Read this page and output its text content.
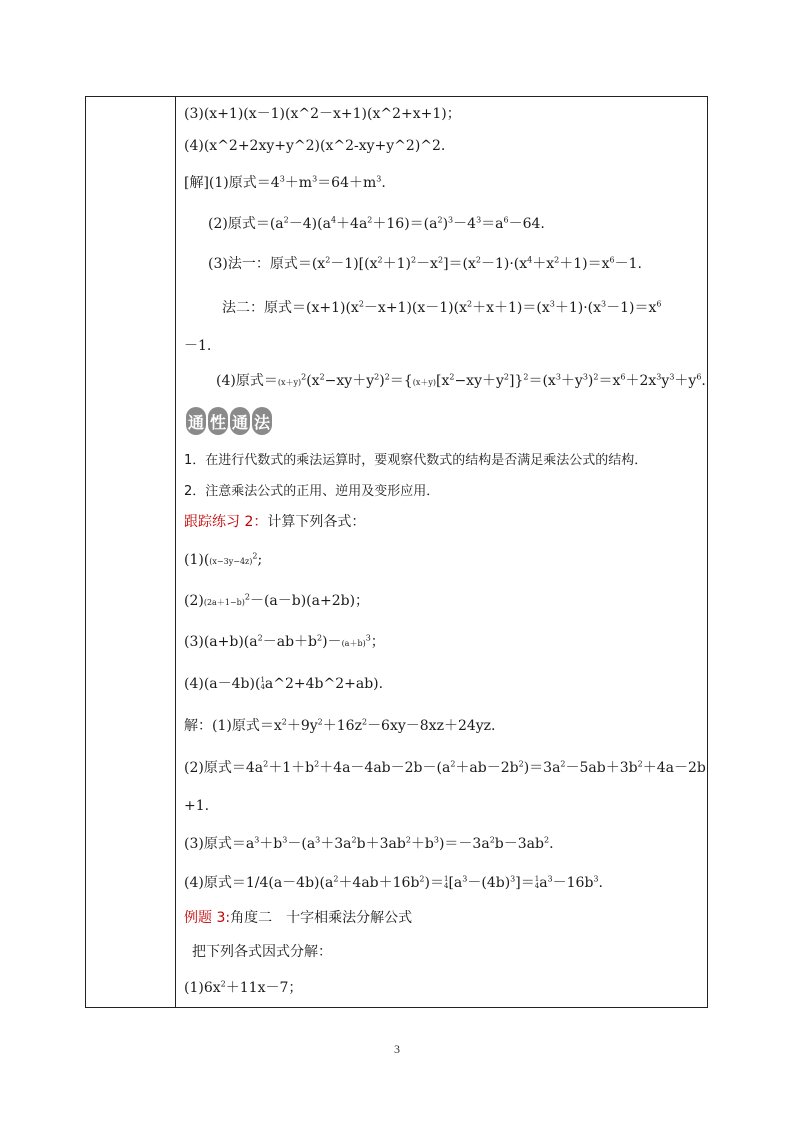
(3)(x+1)(x－1)(x^2－x+1)(x^2+x+1)；
(4)(x^2+2xy+y^2)(x^2-xy+y^2)^2.
[解](1)原式$=4^3+m^3=64+m^3$.
(2)原式$=(a^2-4)(a^4+4a^2+16)=(a^2)^3-4^3=a^6-64$.
(3)法一：原式$=(x^2-1)[(x^2+1)^2-x^2]=(x^2-1)\cdot(x^4+x^2+1)=x^6-1$.
法二：原式$=(x+1)(x^2-x+1)(x-1)(x^2+x+1)=(x^3+1)\cdot(x^3-1)=x^6$
－1.
(4)原式$=(x+y)^2(x^2-xy+y^2)^2=\{(x+y)[x^2-xy+y^2]\}^2=(x^3+y^3)^2=x^6+2x^3y^3+y^6$.
通 性 通 法
1．在进行代数式的乘法运算时，要观察代数式的结构是否满足乘法公式的结构．
2．注意乘法公式的正用、逆用及变形应用．
跟踪练习 2：计算下列各式：
$(1)((x-3y-4z)^2$;
$(2)(2a+1-b)^2-(a-b)(a+2b)$；
$(3)(a+b)(a^2-ab+b^2)-(a+b)^3$；
(4)(a－4b)( 1
4 a^2+4b^2+ab).
解：(1)原式$=x^2+9y^2+16z^2-6xy-8xz+24yz$.
(2)原式$=4a^2+1+b^2+4a-4ab-2b-(a^2+ab-2b^2)=3a^2-5ab+3b^2+4a-2b$
+1.
(3)原式$=a^3+b^3-(a^3+3a^2b+3ab^2+b^3)=-3a^2b-3ab^2$.
(4)原式$=1/4(a-4b)(a^2+4ab+16b^2)= 1$
4 $[a^3-(4b)^3]= 1$
4 $a^3-16b^3$.
例题 3:角度二　十字相乘法分解公式
把下列各式因式分解：
$(1)6x^2+11x-7$；
3
